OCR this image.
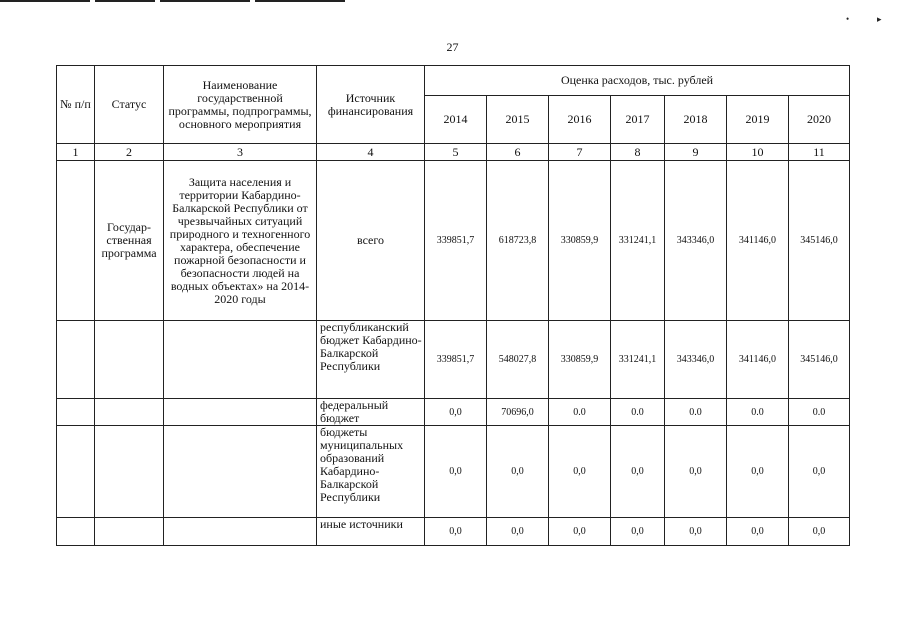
•	▸
27
№ п/п	Статус	Наименование государственной программы, подпрограммы, основного мероприятия	Источник финансирования	Оценка расходов, тыс. рублей						
				2014	2015	2016	2017	2018	2019	2020
1	2	3	4	5	6	7	8	9	10	11
	Государ-ственная программа	Защита населения и территории Кабардино-Балкарской Республики от чрезвычайных ситуаций природного и техногенного характера, обеспечение пожарной безопасности и безопасности людей на водных объектах» на 2014-2020 годы	всего	339851,7	618723,8	330859,9	331241,1	343346,0	341146,0	345146,0
			республиканский бюджет Кабардино-Балкарской Республики	339851,7	548027,8	330859,9	331241,1	343346,0	341146,0	345146,0
			федеральный бюджет	0,0	70696,0	0.0	0.0	0.0	0.0	0.0
			бюджеты муниципальных образований Кабардино-Балкарской Республики	0,0	0,0	0,0	0,0	0,0	0,0	0,0
			иные источники	0,0	0,0	0,0	0,0	0,0	0,0	0,0
